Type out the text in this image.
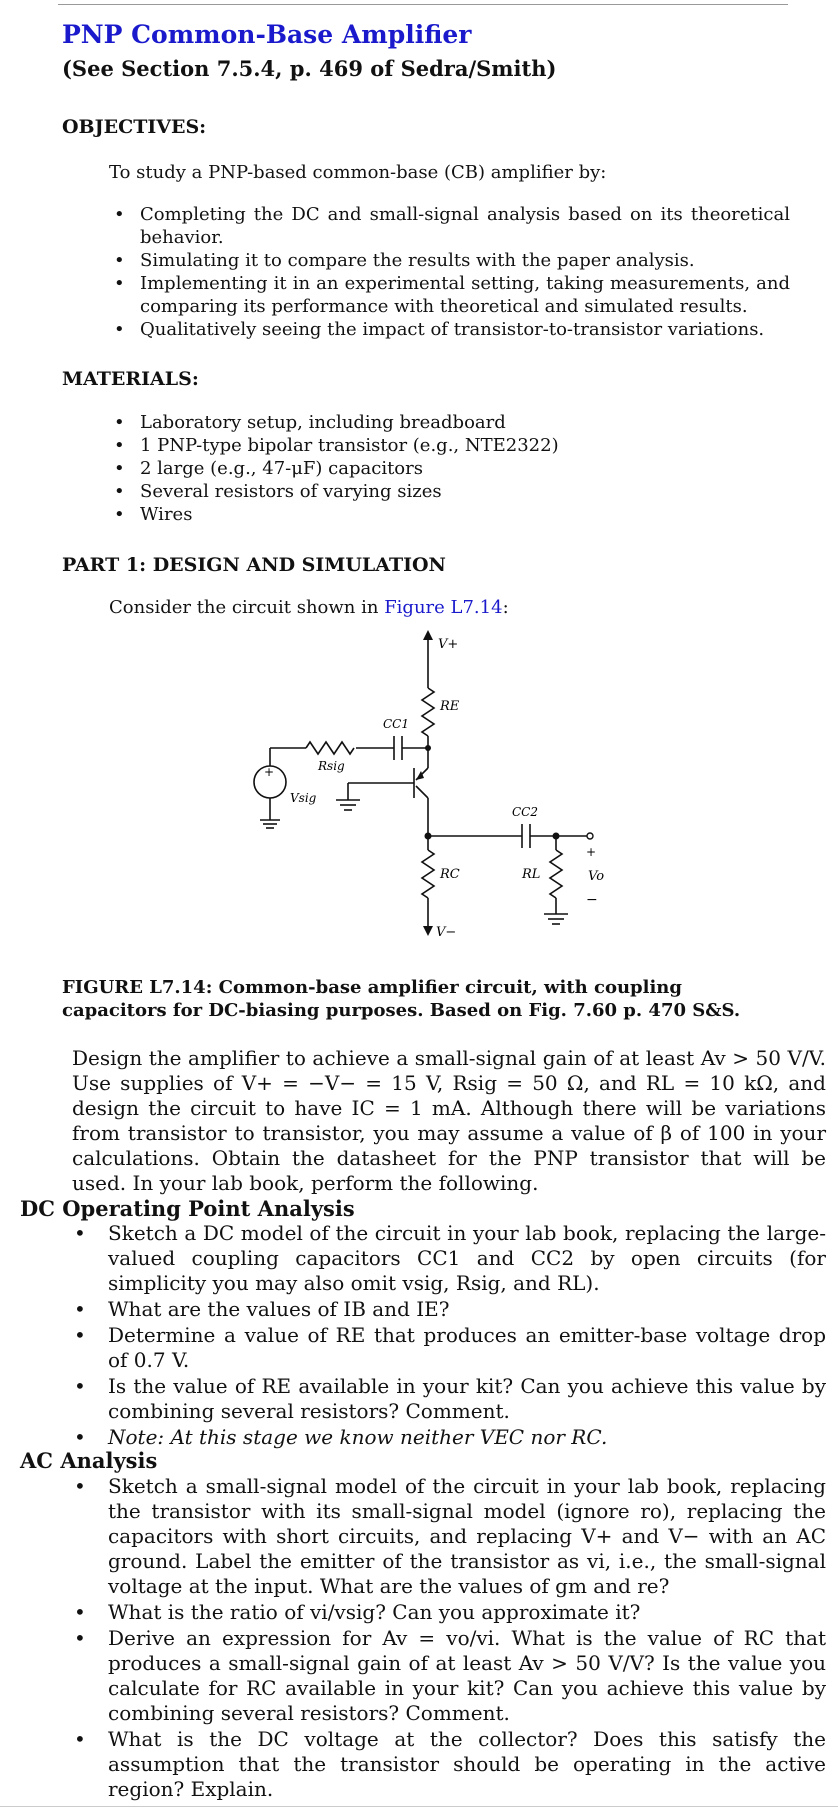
PNP Common-Base Amplifier
(See Section 7.5.4, p. 469 of Sedra/Smith)
OBJECTIVES:
To study a PNP-based common-base (CB) amplifier by:
• Completing the DC and small-signal analysis based on its theoretical behavior.
• Simulating it to compare the results with the paper analysis.
• Implementing it in an experimental setting, taking measurements, and comparing its performance with theoretical and simulated results.
• Qualitatively seeing the impact of transistor-to-transistor variations.
MATERIALS:
• Laboratory setup, including breadboard
• 1 PNP-type bipolar transistor (e.g., NTE2322)
• 2 large (e.g., 47-μF) capacitors
• Several resistors of varying sizes
• Wires
PART 1: DESIGN AND SIMULATION
Consider the circuit shown in Figure L7.14:
V+
RE
CC1
Rsig
+
Vsig
CC2
RC	RL
+
Vo
−
V−
FIGURE L7.14: Common-base amplifier circuit, with coupling capacitors for DC-biasing purposes. Based on Fig. 7.60 p. 470 S&S.
Design the amplifier to achieve a small-signal gain of at least Av > 50 V/V. Use supplies of V+ = −V− = 15 V, Rsig = 50 Ω, and RL = 10 kΩ, and design the circuit to have IC = 1 mA. Although there will be variations from transistor to transistor, you may assume a value of β of 100 in your calculations. Obtain the datasheet for the PNP transistor that will be used. In your lab book, perform the following.
DC Operating Point Analysis
• Sketch a DC model of the circuit in your lab book, replacing the large-valued coupling capacitors CC1 and CC2 by open circuits (for simplicity you may also omit vsig, Rsig, and RL).
• What are the values of IB and IE?
• Determine a value of RE that produces an emitter-base voltage drop of 0.7 V.
• Is the value of RE available in your kit? Can you achieve this value by combining several resistors? Comment.
• Note: At this stage we know neither VEC nor RC.
AC Analysis
• Sketch a small-signal model of the circuit in your lab book, replacing the transistor with its small-signal model (ignore ro), replacing the capacitors with short circuits, and replacing V+ and V− with an AC ground. Label the emitter of the transistor as vi, i.e., the small-signal voltage at the input. What are the values of gm and re?
• What is the ratio of vi/vsig? Can you approximate it?
• Derive an expression for Av = vo/vi. What is the value of RC that produces a small-signal gain of at least Av > 50 V/V? Is the value you calculate for RC available in your kit? Can you achieve this value by combining several resistors? Comment.
• What is the DC voltage at the collector? Does this satisfy the assumption that the transistor should be operating in the active region? Explain.
